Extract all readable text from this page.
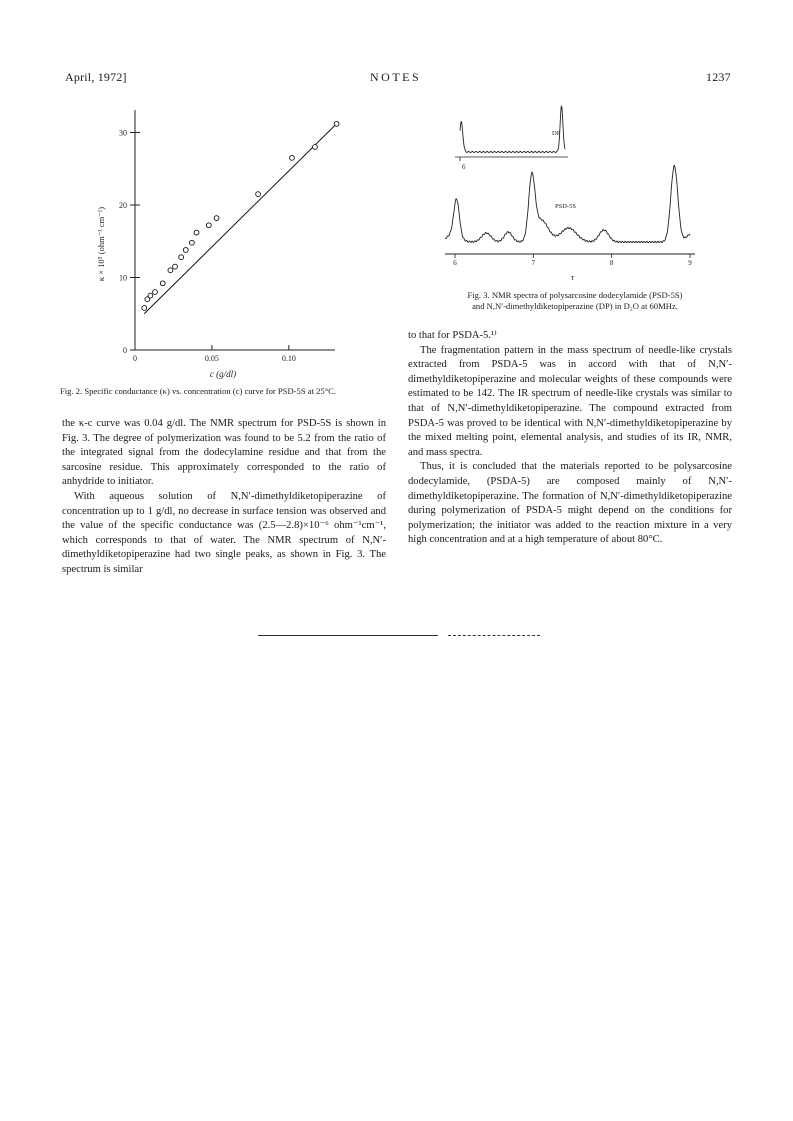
April, 1972]	NOTES	1237
0	0.05	0.10
0
10
20
30
c (g/dl)
κ × 10⁵ (ohm⁻¹ cm⁻¹)
Fig. 2. Specific conductance (κ) vs. concentration (c) curve for PSD-5S at 25°C.
6
DP
PSD-5S
6	7	8	9
τ
Fig. 3. NMR spectra of polysarcosine dodecylamide (PSD-5S)
and N,N′-dimethyldiketopiperazine (DP) in D₂O at 60MHz.

the κ-c curve was 0.04 g/dl. The NMR spectrum for PSD-5S is shown in Fig. 3. The degree of polymerization was found to be 5.2 from the ratio of the integrated signal from the dodecylamine residue and that from the sarcosine residue. This approximately corresponded to the ratio of anhydride to initiator.

With aqueous solution of N,N′-dimethyldiketopiperazine of concentration up to 1 g/dl, no decrease in surface tension was observed and the value of the specific conductance was (2.5—2.8)×10⁻⁶ ohm⁻¹cm⁻¹, which corresponds to that of water. The NMR spectrum of N,N′-dimethyldiketopiperazine had two single peaks, as shown in Fig. 3. The spectrum is similar

to that for PSDA-5.¹⁾

The fragmentation pattern in the mass spectrum of needle-like crystals extracted from PSDA-5 was in accord with that of N,N′-dimethyldiketopiperazine and molecular weights of these compounds were estimated to be 142. The IR spectrum of needle-like crystals was similar to that of N,N′-dimethyldiketopiperazine. The compound extracted from PSDA-5 was proved to be identical with N,N′-dimethyldiketopiperazine by the mixed melting point, elemental analysis, and studies of its IR, NMR, and mass spectra.

Thus, it is concluded that the materials reported to be polysarcosine dodecylamide, (PSDA-5) are composed mainly of N,N′-dimethyldiketopiperazine. The formation of N,N′-dimethyldiketopiperazine during polymerization of PSDA-5 might depend on the conditions for polymerization; the initiator was added to the reaction mixture in a very high concentration and at a high temperature of about 80°C.
